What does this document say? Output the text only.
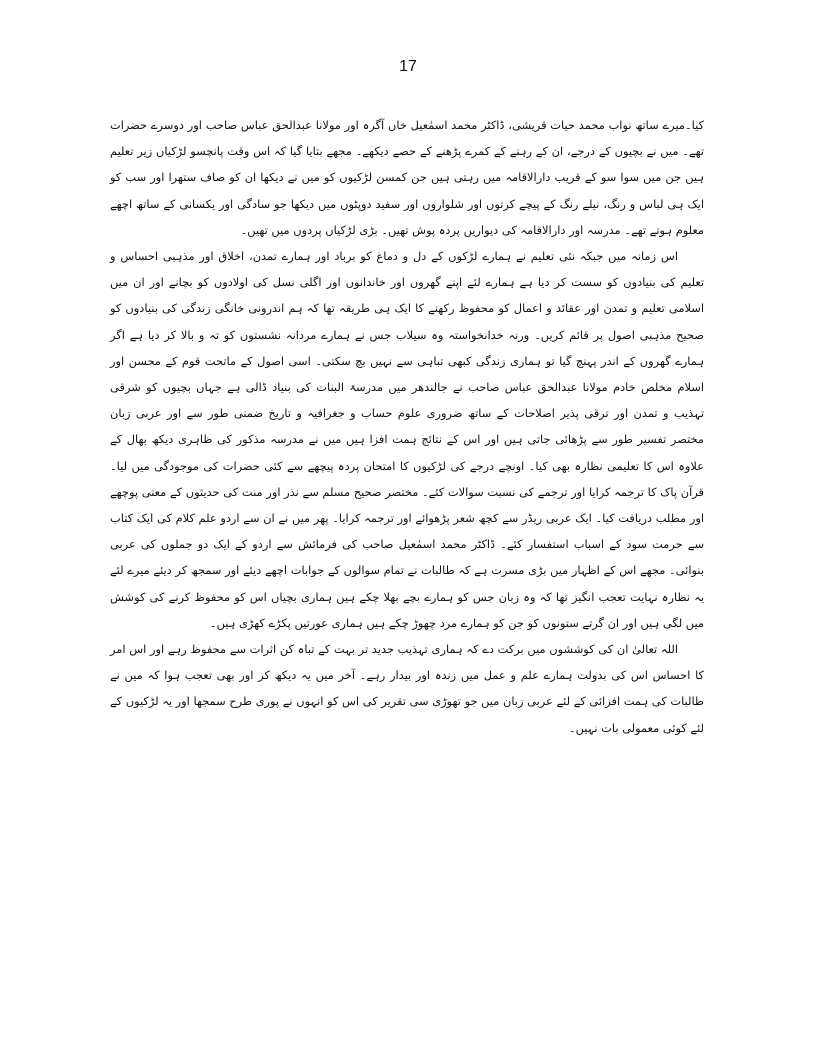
17

کیا۔میرے ساتھ نواب محمد حیات قریشی، ڈاکٹر محمد اسمٰعیل خاں آگرہ اور مولانا عبدالحق عباس صاحب اور دوسرے حضرات تھے۔ میں نے بچیوں کے درجے، ان کے رہنے کے کمرے پڑھنے کے حصے دیکھے۔ مجھے بتایا گیا کہ اس وقت پانچسو لڑکیاں زیر تعلیم ہیں جن میں سوا سو کے قریب دارالاقامہ میں رہتی ہیں جن کمسن لڑکیوں کو میں نے دیکھا ان کو صاف ستھرا اور سب کو ایک ہی لباس و رنگ، نیلے رنگ کے پیچے کرتوں اور شلواروں اور سفید دوپٹوں میں دیکھا جو سادگی اور یکسانی کے ساتھ اچھے معلوم ہوتے تھے۔ مدرسہ اور دارالاقامہ کی دیواریں پردہ پوش تھیں۔ بڑی لڑکیاں پردوں میں تھیں۔

اس زمانہ میں جبکہ نئی تعلیم نے ہمارے لڑکوں کے دل و دماغ کو برباد اور ہمارے تمدن، اخلاق اور مذہبی احساس و تعلیم کی بنیادوں کو سست کر دیا ہے ہمارے لئے اپنے گھروں اور خاندانوں اور اگلی نسل کی اولادوں کو بچانے اور ان میں اسلامی تعلیم و تمدن اور عقائد و اعمال کو محفوظ رکھنے کا ایک ہی طریقہ تھا کہ ہم اندرونی خانگی زندگی کی بنیادوں کو صحیح مذہبی اصول پر قائم کریں۔ ورنہ خدانخواستہ وہ سیلاب جس نے ہمارے مردانہ نشستوں کو تہ و بالا کر دیا ہے اگر ہمارے گھروں کے اندر پہنچ گیا تو ہماری زندگی کبھی تباہی سے نہیں بچ سکتی۔ اسی اصول کے ماتحت قوم کے محسن اور اسلام مخلص خادم مولانا عبدالحق عباس صاحب نے جالندھر میں مدرسۃ البنات کی بنیاد ڈالی ہے جہاں بچیوں کو شرقی تہذیب و تمدن اور ترقی پذیر اصلاحات کے ساتھ ضروری علوم حساب و جغرافیہ و تاریخ ضمنی طور سے اور عربی زبان مختصر تفسیر طور سے پڑھائی جاتی ہیں اور اس کے نتائج ہمت افزا ہیں میں نے مدرسہ مذکور کی ظاہری دیکھ بھال کے علاوہ اس کا تعلیمی نظارہ بھی کیا۔ اونچے درجے کی لڑکیوں کا امتحان پردہ پیچھے سے کئی حضرات کی موجودگی میں لیا۔ قرآن پاک کا ترجمہ کرایا اور ترجمے کی نسبت سوالات کئے۔ مختصر صحیح مسلم سے نذر اور منت کی حدیثوں کے معنی پوچھے اور مطلب دریافت کیا۔ ایک عربی ریڈر سے کچھ شعر پڑھوائے اور ترجمہ کرایا۔ پھر میں نے ان سے اردو علم کلام کی ایک کتاب سے حرمت سود کے اسباب استفسار کئے۔ ڈاکٹر محمد اسمٰعیل صاحب کی فرمائش سے اردو کے ایک دو جملوں کی عربی بنوائی۔ مجھے اس کے اظہار میں بڑی مسرت ہے کہ طالبات نے تمام سوالوں کے جوابات اچھے دیئے اور سمجھ کر دیئے میرے لئے یہ نظارہ نہایت تعجب انگیز تھا کہ وہ زبان جس کو ہمارے بچے بھلا چکے ہیں ہماری بچیاں اس کو محفوظ کرنے کی کوشش میں لگی ہیں اور ان گرتے ستونوں کو جن کو ہمارے مرد چھوڑ چکے ہیں ہماری عورتیں پکڑے کھڑی ہیں۔

اللہ تعالیٰ ان کی کوششوں میں برکت دے کہ ہماری تہذیب جدید تر بہت کے تباہ کن اثرات سے محفوظ رہے اور اس امر کا احساس اس کی بدولت ہمارے علم و عمل میں زندہ اور بیدار رہے۔ آخر میں یہ دیکھ کر اور بھی تعجب ہوا کہ میں نے طالبات کی ہمت افزائی کے لئے عربی زبان میں جو تھوڑی سی تقریر کی اس کو انہوں نے پوری طرح سمجھا اور یہ لڑکیوں کے لئے کوئی معمولی بات نہیں۔
